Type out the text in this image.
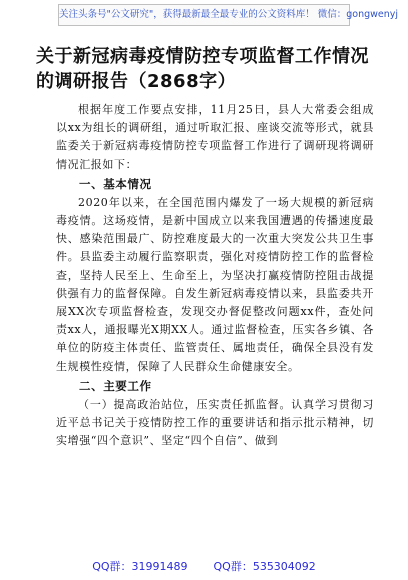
关注头条号"公文研究"，获得最新最全最专业的公文资料库！ 微信：gongwenyj
关于新冠病毒疫情防控专项监督工作情况
的调研报告（2868字）

根据年度工作要点安排，11月25日，县人大常委会组成以xx为组长的调研组，通过听取汇报、座谈交流等形式，就县监委关于新冠病毒疫情防控专项监督工作进行了调研现将调研情况汇报如下：

一、基本情况

2020年以来，在全国范围内爆发了一场大规模的新冠病毒疫情。这场疫情，是新中国成立以来我国遭遇的传播速度最快、感染范围最广、防控难度最大的一次重大突发公共卫生事件。县监委主动履行监察职责，强化对疫情防控工作的监督检查，坚持人民至上、生命至上，为坚决打赢疫情防控阻击战提供强有力的监督保障。自发生新冠病毒疫情以来，县监委共开展XX次专项监督检查，发现交办督促整改问题xx件，查处问责xx人，通报曝光X期XX人。通过监督检查，压实各乡镇、各单位的防疫主体责任、监管责任、属地责任，确保全县没有发生规模性疫情，保障了人民群众生命健康安全。

二、主要工作

（一）提高政治站位，压实责任抓监督。认真学习贯彻习近平总书记关于疫情防控工作的重要讲话和指示批示精神，切实增强“四个意识”、坚定“四个自信”、做到

QQ群：31991489 QQ群：535304092
